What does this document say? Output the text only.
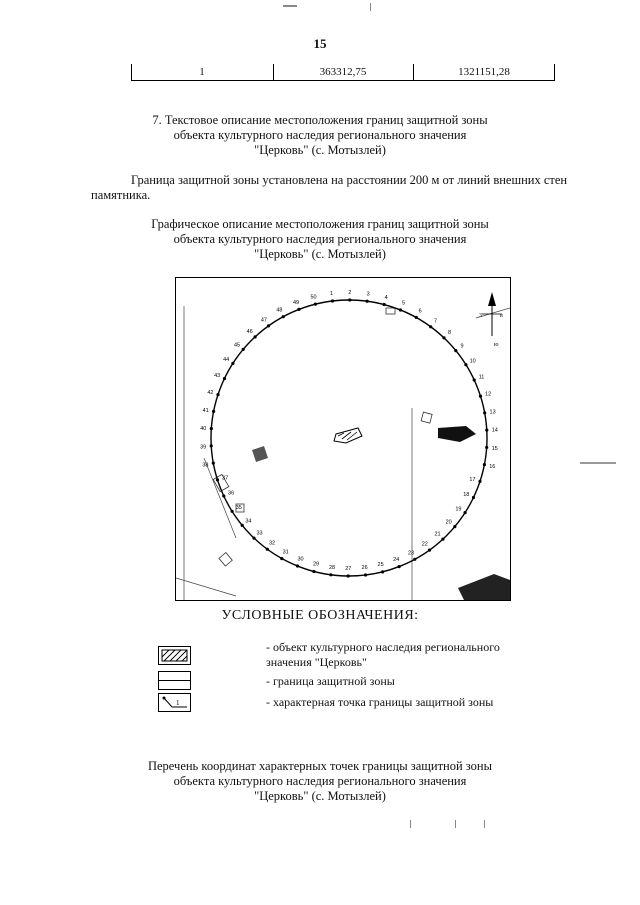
15
1	363312,75	1321151,28
7. Текстовое описание местоположения границ защитной зоны
объекта культурного наследия регионального значения
"Церковь" (с. Мотызлей)
Граница защитной зоны установлена на расстоянии 200 м от линий внешних стен
памятника.
Графическое описание местоположения границ защитной зоны
объекта культурного наследия регионального значения
"Церковь" (с. Мотызлей)
1	2	3
4
5
6
7
8
9
10
11
12
13
14
15
16
17
18
19
20
21
22
23
24
25
26
27
28
29
30
31
32
33
34
35
36
37
38
39
40
41
42
43
44
45
46
47
48
49
50
3	в
ю
УСЛОВНЫЕ ОБОЗНАЧЕНИЯ:
- объект культурного наследия регионального
значения "Церковь"
- граница защитной зоны
1	- характерная точка границы защитной зоны
Перечень координат характерных точек границы защитной зоны
объекта культурного наследия регионального значения
"Церковь" (с. Мотызлей)
